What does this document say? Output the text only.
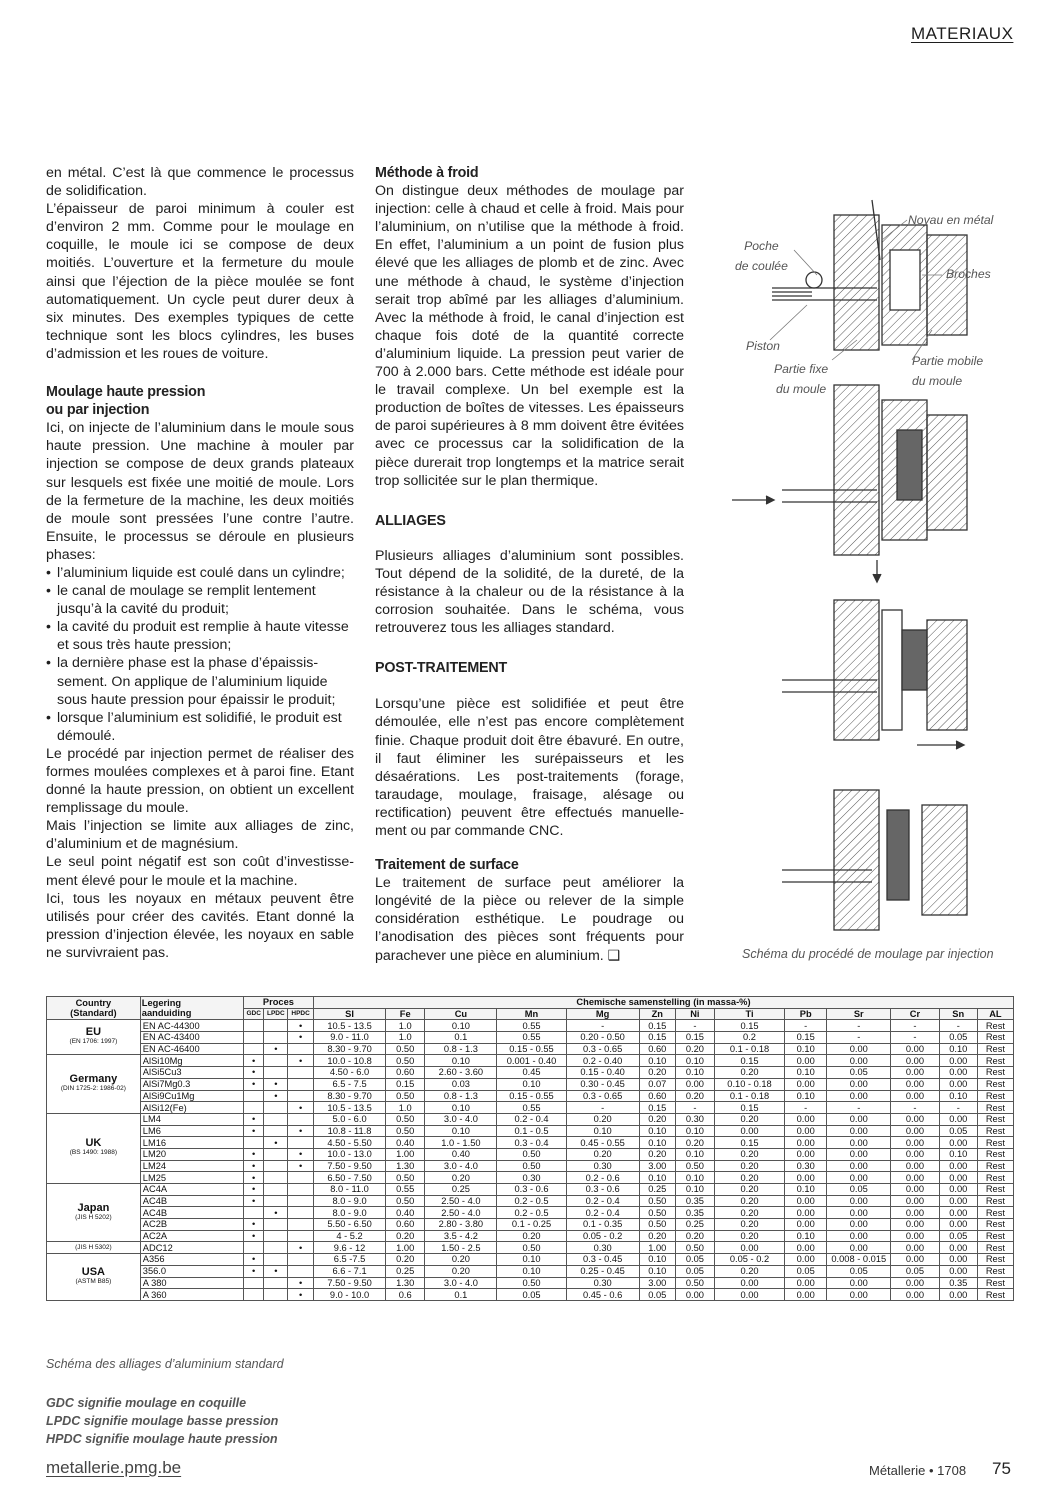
MATERIAUX

en métal. C’est là que commence le processus de solidification.

L’épaisseur de paroi minimum à couler est d’environ 2 mm. Comme pour le moulage en coquille, le moule ici se compose de deux moitiés. L’ouverture et la fermeture du moule ainsi que l’éjection de la pièce moulée se font automatiquement. Un cycle peut durer deux à six minutes. Des exemples typiques de cette technique sont les blocs cylindres, les buses d’admission et les roues de voiture.

Moulage haute pression
ou par injection

Ici, on injecte de l’aluminium dans le moule sous haute pression. Une machine à mouler par injection se compose de deux grands plateaux sur lesquels est fixée une moitié de moule. Lors de la fermeture de la machine, les deux moitiés de moule sont pressées l’une contre l’autre. Ensuite, le processus se déroule en plusieurs phases:

• l’aluminium liquide est coulé dans un cylindre;
• le canal de moulage se remplit lentement jusqu’à la cavité du produit;
• la cavité du produit est remplie à haute vitesse et sous très haute pression;
• la dernière phase est la phase d’épaissis-sement. On applique de l’aluminium liquide sous haute pression pour épaissir le produit;
• lorsque l’aluminium est solidifié, le produit est démoulé.

Le procédé par injection permet de réaliser des formes moulées complexes et à paroi fine. Etant donné la haute pression, on obtient un excellent remplissage du moule.

Mais l’injection se limite aux alliages de zinc, d’aluminium et de magnésium.

Le seul point négatif est son coût d’investisse-ment élevé pour le moule et la machine.

Ici, tous les noyaux en métaux peuvent être utilisés pour créer des cavités. Etant donné la pression d’injection élevée, les noyaux en sable ne survivraient pas.

Méthode à froid

On distingue deux méthodes de moulage par injection: celle à chaud et celle à froid. Mais pour l’aluminium, on n’utilise que la méthode à froid. En effet, l’aluminium a un point de fusion plus élevé que les alliages de plomb et de zinc. Avec une méthode à chaud, le système d’injection serait trop abîmé par les alliages d’aluminium. Avec la méthode à froid, le canal d’injection est chaque fois doté de la quantité correcte d’aluminium liquide. La pression peut varier de 700 à 2.000 bars. Cette méthode est idéale pour le travail complexe. Un bel exemple est la production de boîtes de vitesses. Les épaisseurs de paroi supérieures à 8 mm doivent être évitées avec ce processus car la solidification de la pièce durerait trop longtemps et la matrice serait trop sollicitée sur le plan thermique.

ALLIAGES

Plusieurs alliages d’aluminium sont possibles. Tout dépend de la solidité, de la dureté, de la résistance à la chaleur ou de la résistance à la corrosion souhaitée. Dans le schéma, vous retrouverez tous les alliages standard.

POST-TRAITEMENT

Lorsqu’une pièce est solidifiée et peut être démoulée, elle n’est pas encore complètement finie. Chaque produit doit être ébavuré. En outre, il faut éliminer les surépaisseurs et les désaérations. Les post-traitements (forage, taraudage, moulage, fraisage, alésage ou rectification) peuvent être effectués manuelle-ment ou par commande CNC.

Traitement de surface

Le traitement de surface peut améliorer la longévité de la pièce ou relever de la simple considération esthétique. Le poudrage ou l’anodisation des pièces sont fréquents pour parachever une pièce en aluminium. ❑

Noyau en métal
Poche
de coulée
Broches
Piston
Partie fixe
du moule
Partie mobile
du moule
Schéma du procédé de moulage par injection
Country
(Standard)	Legering
aanduiding	Proces			Chemische samenstelling (in massa-%)												
		GDC	LPDC	HPDC	SI	Fe	Cu	Mn	Mg	Zn	Ni	Ti	Pb	Sr	Cr	Sn	AL

EU
(EN 1706: 1997)	EN AC-44300			•	10.5 - 13.5	1.0	0.10	0.55	-	0.15	-	0.15	-	-	-	-	Rest
	EN AC-43400			•	9.0 - 11.0	1.0	0.1	0.55	0.20 - 0.50	0.15	0.15	0.2	0.15	-	-	0.05	Rest
	EN AC-46400		•		8.30 - 9.70	0.50	0.8 - 1.3	0.15 - 0.55	0.3 - 0.65	0.60	0.20	0.1 - 0.18	0.10	0.00	0.00	0.10	Rest

Germany
(DIN 1725-2: 1986-02)	AlSi10Mg	•		•	10.0 - 10.8	0.50	0.10	0.001 - 0.40	0.2 - 0.40	0.10	0.10	0.15	0.00	0.00	0.00	0.00	Rest
	AlSi5Cu3	•			4.50 - 6.0	0.60	2.60 - 3.60	0.45	0.15 - 0.40	0.20	0.10	0.20	0.10	0.05	0.00	0.00	Rest
	AlSi7Mg0.3	•	•		6.5 - 7.5	0.15	0.03	0.10	0.30 - 0.45	0.07	0.00	0.10 - 0.18	0.00	0.00	0.00	0.00	Rest
	AlSi9Cu1Mg		•		8.30 - 9.70	0.50	0.8 - 1.3	0.15 - 0.55	0.3 - 0.65	0.60	0.20	0.1 - 0.18	0.10	0.00	0.00	0.10	Rest
	AlSi12(Fe)			•	10.5 - 13.5	1.0	0.10	0.55	-	0.15	-	0.15	-	-	-	-	Rest

UK
(BS 1490: 1988)	LM4	•			5.0 - 6.0	0.50	3.0 - 4.0	0.2 - 0.4	0.20	0.20	0.30	0.20	0.00	0.00	0.00	0.00	Rest
	LM6	•		•	10.8 - 11.8	0.50	0.10	0.1 - 0.5	0.10	0.10	0.10	0.00	0.00	0.00	0.00	0.05	Rest
	LM16		•		4.50 - 5.50	0.40	1.0 - 1.50	0.3 - 0.4	0.45 - 0.55	0.10	0.20	0.15	0.00	0.00	0.00	0.00	Rest
	LM20	•		•	10.0 - 13.0	1.00	0.40	0.50	0.20	0.20	0.10	0.20	0.00	0.00	0.00	0.10	Rest
	LM24	•		•	7.50 - 9.50	1.30	3.0 - 4.0	0.50	0.30	3.00	0.50	0.20	0.30	0.00	0.00	0.00	Rest
	LM25	•			6.50 - 7.50	0.50	0.20	0.30	0.2 - 0.6	0.10	0.10	0.20	0.00	0.00	0.00	0.00	Rest

Japan
(JIS H 5202)	AC4A	•			8.0 - 11.0	0.55	0.25	0.3 - 0.6	0.3 - 0.6	0.25	0.10	0.20	0.10	0.05	0.00	0.00	Rest
	AC4B	•			8.0 - 9.0	0.50	2.50 - 4.0	0.2 - 0.5	0.2 - 0.4	0.50	0.35	0.20	0.00	0.00	0.00	0.00	Rest
	AC4B		•		8.0 - 9.0	0.40	2.50 - 4.0	0.2 - 0.5	0.2 - 0.4	0.50	0.35	0.20	0.00	0.00	0.00	0.00	Rest
	AC2B	•			5.50 - 6.50	0.60	2.80 - 3.80	0.1 - 0.25	0.1 - 0.35	0.50	0.25	0.20	0.00	0.00	0.00	0.00	Rest
	AC2A	•			4 - 5.2	0.20	3.5 - 4.2	0.20	0.05 - 0.2	0.20	0.20	0.20	0.10	0.00	0.00	0.05	Rest

(JIS H 5302)	ADC12			•	9.6 - 12	1.00	1.50 - 2.5	0.50	0.30	1.00	0.50	0.00	0.00	0.00	0.00	0.00	Rest

USA
(ASTM B85)	A356	•			6.5 -7.5	0.20	0.20	0.10	0.3 - 0.45	0.10	0.05	0.05 - 0.2	0.00	0.008 - 0.015	0.00	0.00	Rest
	356.0	•	•		6.6 - 7.1	0.25	0.20	0.10	0.25 - 0.45	0.10	0.05	0.20	0.05	0.05	0.05	0.00	Rest
	A 380			•	7.50 - 9.50	1.30	3.0 - 4.0	0.50	0.30	3.00	0.50	0.00	0.00	0.00	0.00	0.35	Rest
	A 360			•	9.0 - 10.0	0.6	0.1	0.05	0.45 - 0.6	0.05	0.00	0.00	0.00	0.00	0.00	0.00	Rest
Schéma des alliages d’aluminium standard
GDC signifie moulage en coquille
LPDC signifie moulage basse pression
HPDC signifie moulage haute pression
metallerie.pmg.be	Métallerie • 1708 75
